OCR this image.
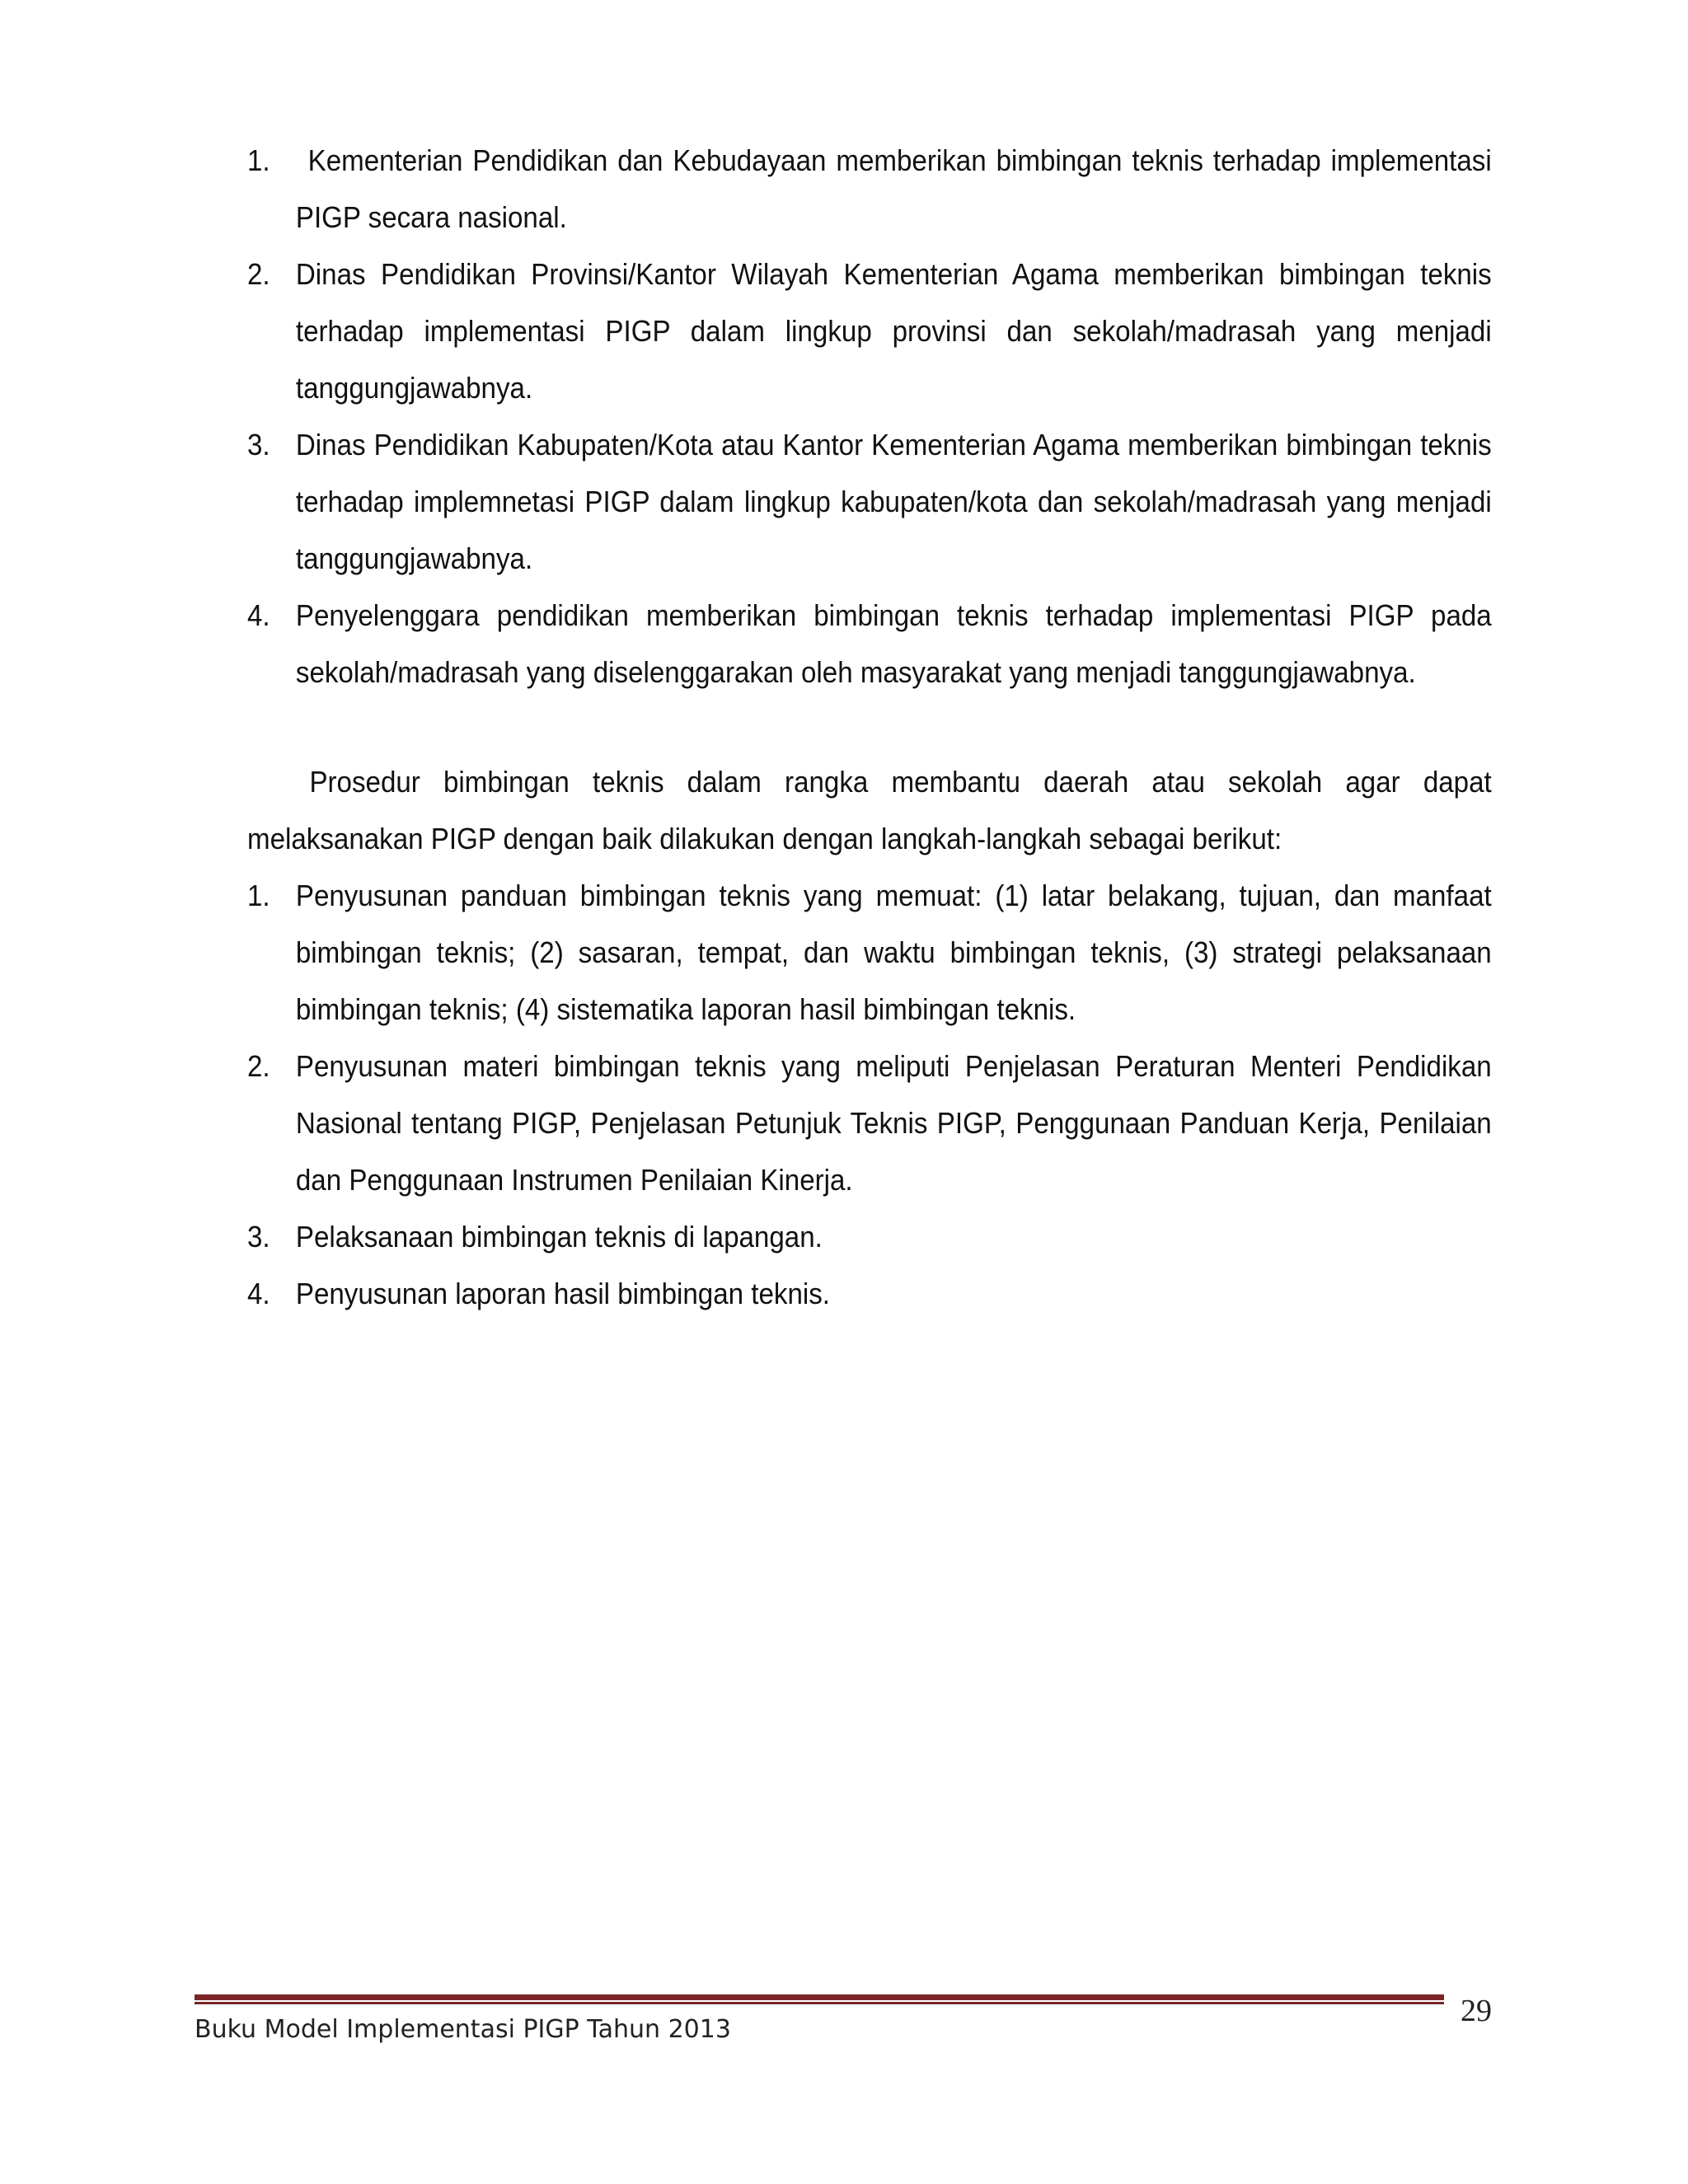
1. Kementerian Pendidikan dan Kebudayaan memberikan bimbingan teknis terhadap implementasi PIGP secara nasional.
2. Dinas Pendidikan Provinsi/Kantor Wilayah Kementerian Agama memberikan bimbingan teknis terhadap implementasi PIGP dalam lingkup provinsi dan sekolah/madrasah yang menjadi tanggungjawabnya.
3. Dinas Pendidikan Kabupaten/Kota atau Kantor Kementerian Agama memberikan bimbingan teknis terhadap implemnetasi PIGP dalam lingkup kabupaten/kota dan sekolah/madrasah yang menjadi tanggungjawabnya.
4. Penyelenggara pendidikan memberikan bimbingan teknis terhadap implementasi PIGP pada sekolah/madrasah yang diselenggarakan oleh masyarakat yang menjadi tanggungjawabnya.

Prosedur bimbingan teknis dalam rangka membantu daerah atau sekolah agar dapat melaksanakan PIGP dengan baik dilakukan dengan langkah-langkah sebagai berikut:

1. Penyusunan panduan bimbingan teknis yang memuat: (1) latar belakang, tujuan, dan manfaat bimbingan teknis; (2) sasaran, tempat, dan waktu bimbingan teknis, (3) strategi pelaksanaan bimbingan teknis; (4) sistematika laporan hasil bimbingan teknis.
2. Penyusunan materi bimbingan teknis yang meliputi Penjelasan Peraturan Menteri Pendidikan Nasional tentang PIGP, Penjelasan Petunjuk Teknis PIGP, Penggunaan Panduan Kerja, Penilaian dan Penggunaan Instrumen Penilaian Kinerja.
3. Pelaksanaan bimbingan teknis di lapangan.
4. Penyusunan laporan hasil bimbingan teknis.
Buku Model Implementasi PIGP Tahun 2013
29
